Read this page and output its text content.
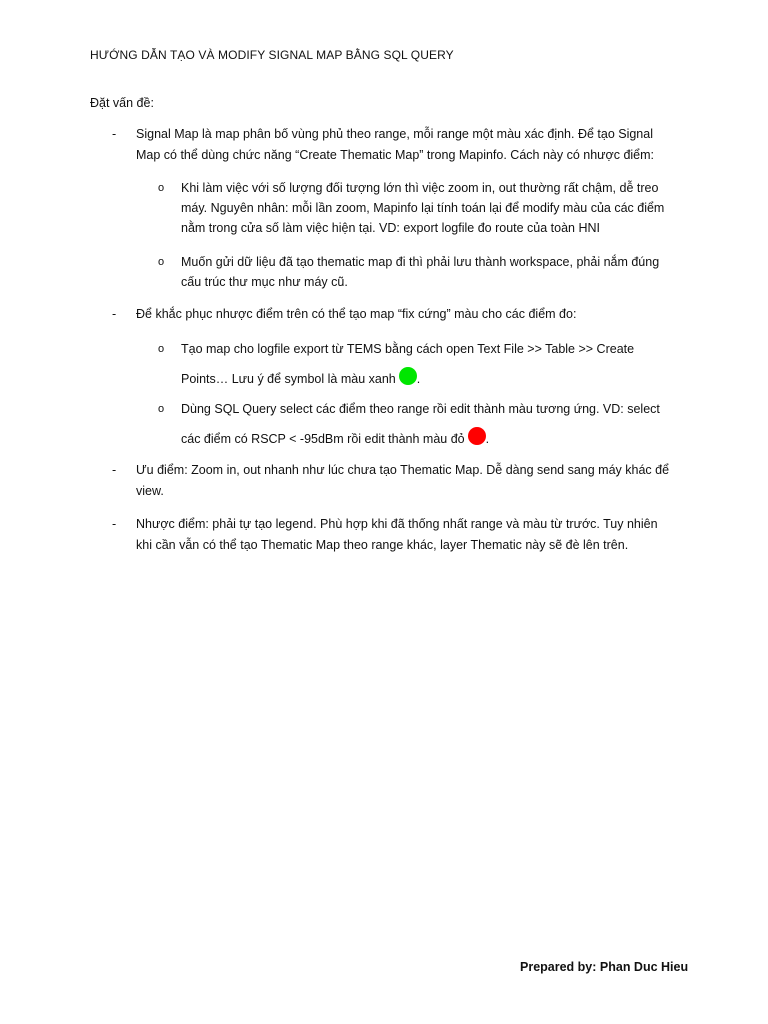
HƯỚNG DẪN TẠO VÀ MODIFY SIGNAL MAP BẰNG SQL QUERY
Đặt vấn đề:
- Signal Map là map phân bố vùng phủ theo range, mỗi range một màu xác định. Để tạo Signal Map có thể dùng chức năng “Create Thematic Map” trong Mapinfo. Cách này có nhược điểm:
o Khi làm việc với số lượng đối tượng lớn thì việc zoom in, out thường rất chậm, dễ treo máy. Nguyên nhân: mỗi lần zoom, Mapinfo lại tính toán lại để modify màu của các điểm nằm trong cửa số làm việc hiện tại. VD: export logfile đo route của toàn HNI
o Muốn gửi dữ liệu đã tạo thematic map đi thì phải lưu thành workspace, phải nắm đúng cấu trúc thư mục như máy cũ.
- Để khắc phục nhược điểm trên có thể tạo map “fix cứng” màu cho các điểm đo:
o Tạo map cho logfile export từ TEMS bằng cách open Text File >> Table >> Create Points… Lưu ý để symbol là màu xanh .
o Dùng SQL Query select các điểm theo range rồi edit thành màu tương ứng. VD: select các điểm có RSCP < -95dBm rồi edit thành màu đỏ .
- Ưu điểm: Zoom in, out nhanh như lúc chưa tạo Thematic Map. Dễ dàng send sang máy khác để view.
- Nhược điểm: phải tự tạo legend. Phù hợp khi đã thống nhất range và màu từ trước. Tuy nhiên khi cần vẫn có thể tạo Thematic Map theo range khác, layer Thematic này sẽ đè lên trên.
Prepared by: Phan Duc Hieu
